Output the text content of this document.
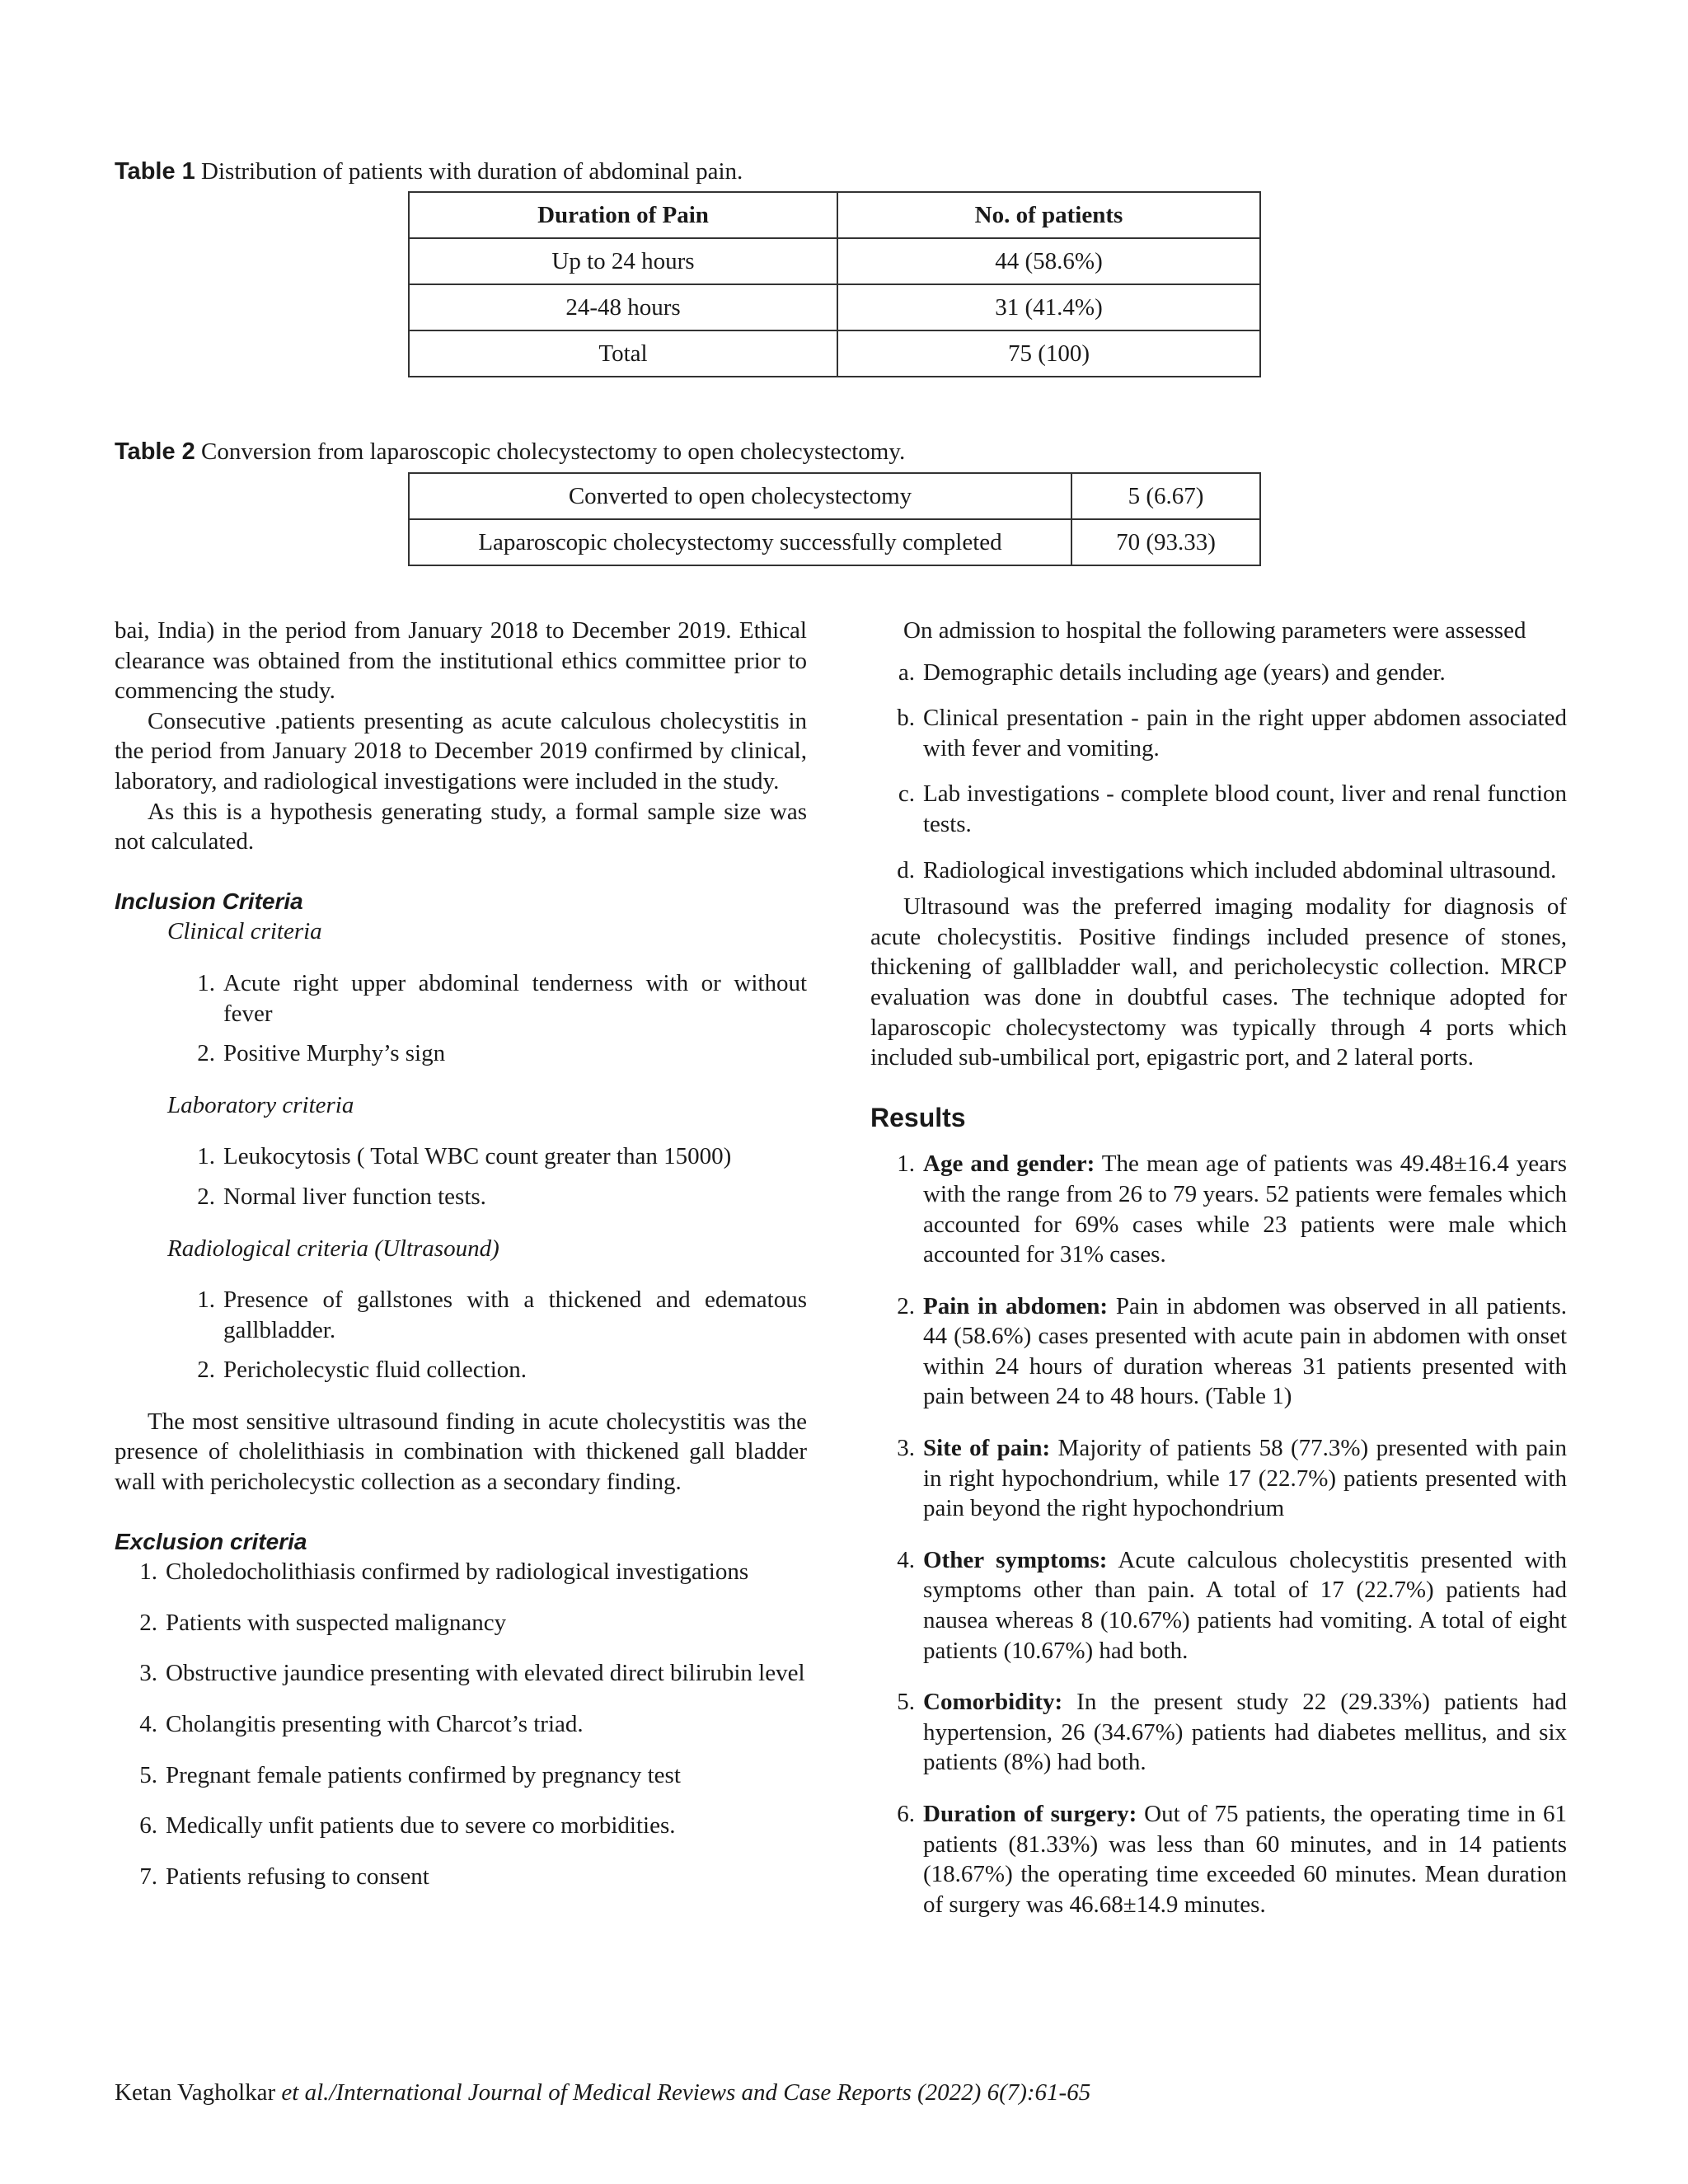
Table 1 Distribution of patients with duration of abdominal pain.
Duration of Pain	No. of patients
Up to 24 hours	44 (58.6%)
24-48 hours	31 (41.4%)
Total	75 (100)
Table 2 Conversion from laparoscopic cholecystectomy to open cholecystectomy.
Converted to open cholecystectomy	5 (6.67)
Laparoscopic cholecystectomy successfully completed	70 (93.33)

bai, India) in the period from January 2018 to December 2019. Ethical clearance was obtained from the institutional ethics committee prior to commencing the study.

Consecutive .patients presenting as acute calculous cholecystitis in the period from January 2018 to December 2019 confirmed by clinical, laboratory, and radiological investigations were included in the study.

As this is a hypothesis generating study, a formal sample size was not calculated.

Inclusion Criteria
Clinical criteria
1. Acute right upper abdominal tenderness with or without fever
2. Positive Murphy’s sign
Laboratory criteria
1. Leukocytosis ( Total WBC count greater than 15000)
2. Normal liver function tests.
Radiological criteria (Ultrasound)
1. Presence of gallstones with a thickened and edematous gallbladder.
2. Pericholecystic fluid collection.

The most sensitive ultrasound finding in acute cholecystitis was the presence of cholelithiasis in combination with thickened gall bladder wall with pericholecystic collection as a secondary finding.

Exclusion criteria
1. Choledocholithiasis confirmed by radiological investigations
2. Patients with suspected malignancy
3. Obstructive jaundice presenting with elevated direct bilirubin level
4. Cholangitis presenting with Charcot’s triad.
5. Pregnant female patients confirmed by pregnancy test
6. Medically unfit patients due to severe co morbidities.
7. Patients refusing to consent

On admission to hospital the following parameters were assessed

a. Demographic details including age (years) and gender.
b. Clinical presentation - pain in the right upper abdomen associated with fever and vomiting.
c. Lab investigations - complete blood count, liver and renal function tests.
d. Radiological investigations which included abdominal ultrasound.

Ultrasound was the preferred imaging modality for diagnosis of acute cholecystitis. Positive findings included presence of stones, thickening of gallbladder wall, and pericholecystic collection. MRCP evaluation was done in doubtful cases. The technique adopted for laparoscopic cholecystectomy was typically through 4 ports which included sub-umbilical port, epigastric port, and 2 lateral ports.

Results
1. Age and gender: The mean age of patients was 49.48±16.4 years with the range from 26 to 79 years. 52 patients were females which accounted for 69% cases while 23 patients were male which accounted for 31% cases.
2. Pain in abdomen: Pain in abdomen was observed in all patients. 44 (58.6%) cases presented with acute pain in abdomen with onset within 24 hours of duration whereas 31 patients presented with pain between 24 to 48 hours. (Table 1)
3. Site of pain: Majority of patients 58 (77.3%) presented with pain in right hypochondrium, while 17 (22.7%) patients presented with pain beyond the right hypochondrium
4. Other symptoms: Acute calculous cholecystitis presented with symptoms other than pain. A total of 17 (22.7%) patients had nausea whereas 8 (10.67%) patients had vomiting. A total of eight patients (10.67%) had both.
5. Comorbidity: In the present study 22 (29.33%) patients had hypertension, 26 (34.67%) patients had diabetes mellitus, and six patients (8%) had both.
6. Duration of surgery: Out of 75 patients, the operating time in 61 patients (81.33%) was less than 60 minutes, and in 14 patients (18.67%) the operating time exceeded 60 minutes. Mean duration of surgery was 46.68±14.9 minutes.
Ketan Vagholkar et al./International Journal of Medical Reviews and Case Reports (2022) 6(7):61-65
